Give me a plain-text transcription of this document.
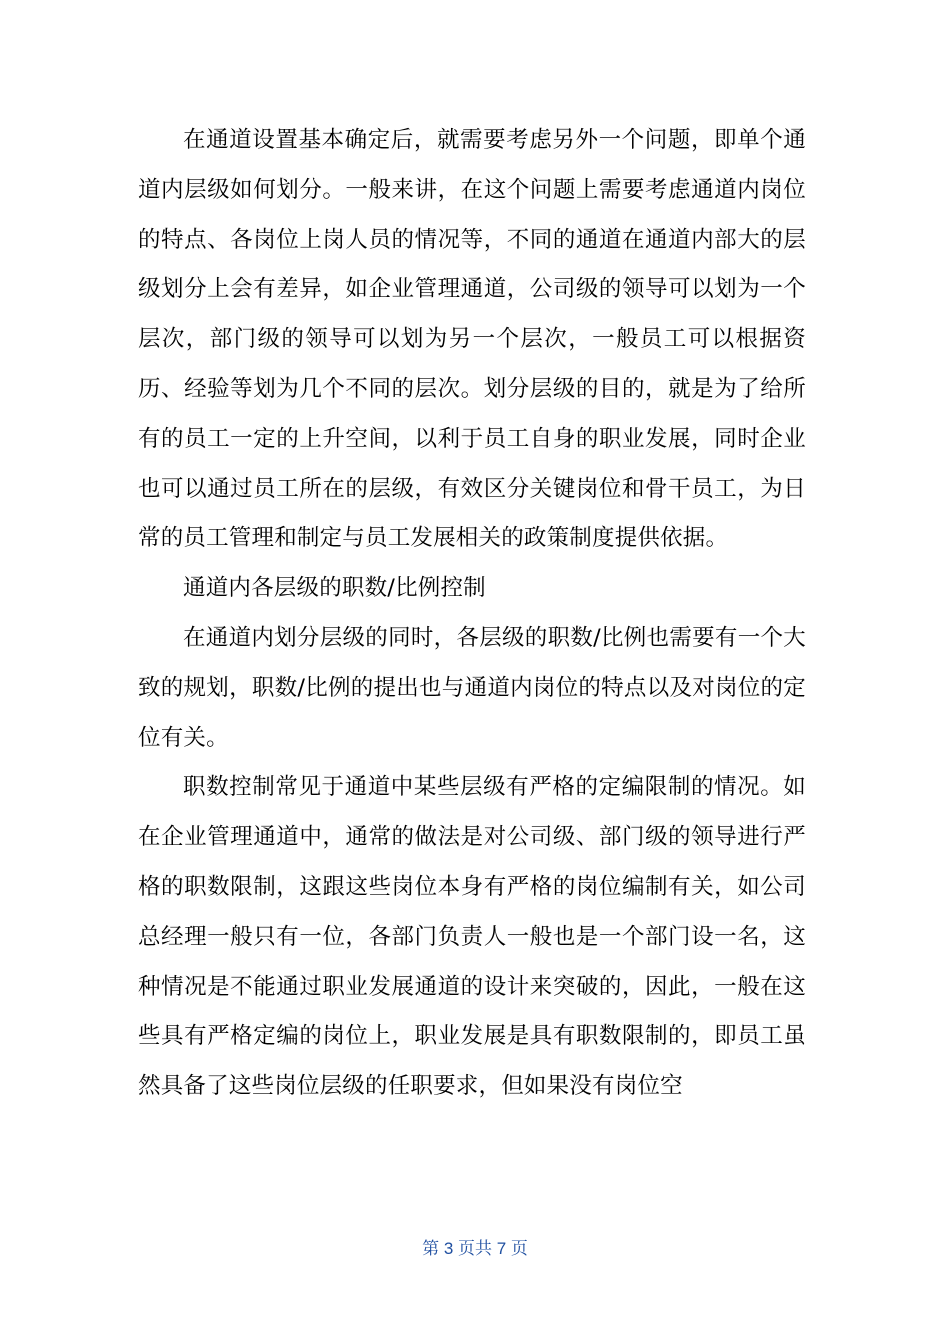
在通道设置基本确定后，就需要考虑另外一个问题，即单个通道内层级如何划分。一般来讲，在这个问题上需要考虑通道内岗位的特点、各岗位上岗人员的情况等，不同的通道在通道内部大的层级划分上会有差异，如企业管理通道，公司级的领导可以划为一个层次，部门级的领导可以划为另一个层次，一般员工可以根据资历、经验等划为几个不同的层次。划分层级的目的，就是为了给所有的员工一定的上升空间，以利于员工自身的职业发展，同时企业也可以通过员工所在的层级，有效区分关键岗位和骨干员工，为日常的员工管理和制定与员工发展相关的政策制度提供依据。

通道内各层级的职数/比例控制

在通道内划分层级的同时，各层级的职数/比例也需要有一个大致的规划，职数/比例的提出也与通道内岗位的特点以及对岗位的定位有关。

职数控制常见于通道中某些层级有严格的定编限制的情况。如在企业管理通道中，通常的做法是对公司级、部门级的领导进行严格的职数限制，这跟这些岗位本身有严格的岗位编制有关，如公司总经理一般只有一位，各部门负责人一般也是一个部门设一名，这种情况是不能通过职业发展通道的设计来突破的，因此，一般在这些具有严格定编的岗位上，职业发展是具有职数限制的，即员工虽然具备了这些岗位层级的任职要求，但如果没有岗位空

第 3 页共 7 页
